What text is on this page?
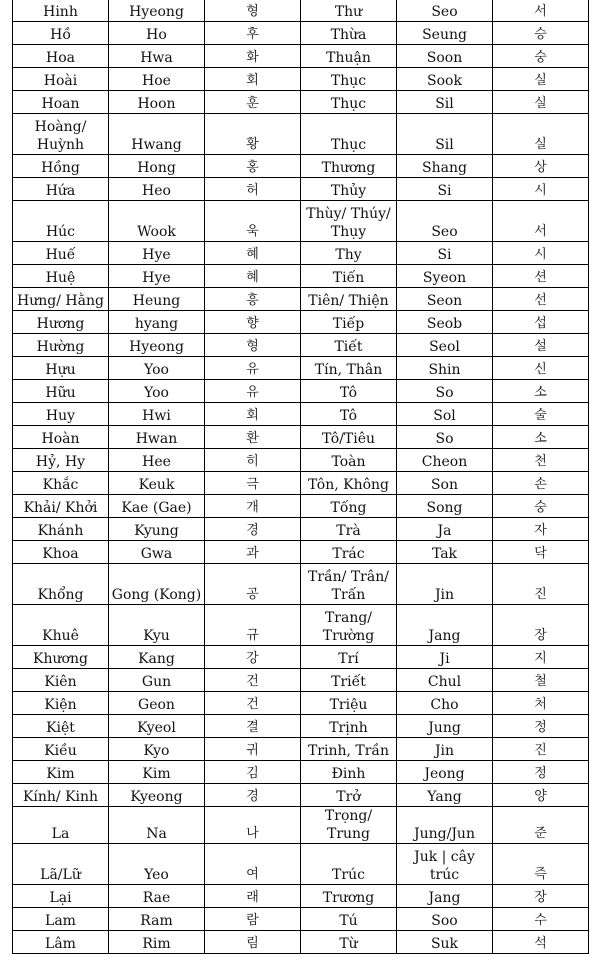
Hinh	Hyeong	형	Thư	Seo	서
Hồ	Ho	후	Thừa	Seung	승
Hoa	Hwa	화	Thuận	Soon	숭
Hoài	Hoe	회	Thục	Sook	실
Hoan	Hoon	훈	Thục	Sil	실
Hoàng/ Huỳnh	Hwang	황	Thục	Sil	실
Hồng	Hong	홍	Thương	Shang	상
Hứa	Heo	허	Thủy	Si	시
Húc	Wook	욱	Thùy/ Thúy/ Thụy	Seo	서
Huế	Hye	혜	Thy	Si	시
Huệ	Hye	혜	Tiến	Syeon	션
Hưng/ Hằng	Heung	흥	Tiên/ Thiện	Seon	선
Hương	hyang	향	Tiếp	Seob	섭
Hường	Hyeong	형	Tiết	Seol	설
Hựu	Yoo	유	Tín, Thân	Shin	신
Hữu	Yoo	유	Tô	So	소
Huy	Hwi	회	Tô	Sol	술
Hoàn	Hwan	환	Tô/Tiêu	So	소
Hỷ, Hy	Hee	히	Toàn	Cheon	천
Khắc	Keuk	극	Tôn, Không	Son	손
Khải/ Khởi	Kae (Gae)	개	Tống	Song	숭
Khánh	Kyung	경	Trà	Ja	자
Khoa	Gwa	과	Trác	Tak	닥
Khổng	Gong (Kong)	공	Trần/ Trân/ Trấn	Jin	진
Khuê	Kyu	규	Trang/ Trường	Jang	장
Khương	Kang	강	Trí	Ji	지
Kiên	Gun	건	Triết	Chul	철
Kiện	Geon	건	Triệu	Cho	처
Kiệt	Kyeol	결	Trịnh	Jung	정
Kiều	Kyo	귀	Trinh, Trần	Jin	진
Kim	Kim	김	Đinh	Jeong	정
Kính/ Kinh	Kyeong	경	Trở	Yang	양
La	Na	나	Trọng/ Trung	Jung/Jun	준
Lã/Lữ	Yeo	여	Trúc	Juk | cây trúc	즉
Lại	Rae	래	Trương	Jang	장
Lam	Ram	람	Tú	Soo	수
Lâm	Rim	림	Từ	Suk	석
